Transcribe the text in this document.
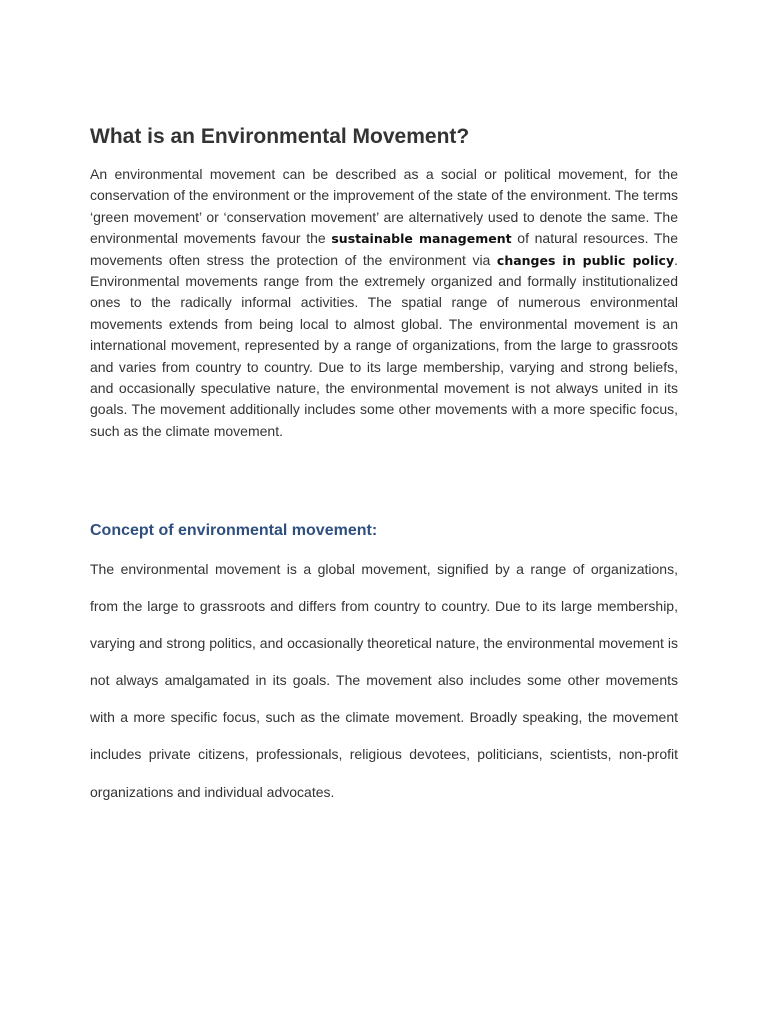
What is an Environmental Movement?

An environmental movement can be described as a social or political movement, for the conservation of the environment or the improvement of the state of the environment. The terms ‘green movement’ or ‘conservation movement’ are alternatively used to denote the same. The environmental movements favour the sustainable management of natural resources. The movements often stress the protection of the environment via changes in public policy. Environmental movements range from the extremely organized and formally institutionalized ones to the radically informal activities. The spatial range of numerous environmental movements extends from being local to almost global. The environmental movement is an international movement, represented by a range of organizations, from the large to grassroots and varies from country to country. Due to its large membership, varying and strong beliefs, and occasionally speculative nature, the environmental movement is not always united in its goals. The movement additionally includes some other movements with a more specific focus, such as the climate movement.

Concept of environmental movement:

The environmental movement is a global movement, signified by a range of organizations, from the large to grassroots and differs from country to country. Due to its large membership, varying and strong politics, and occasionally theoretical nature, the environmental movement is not always amalgamated in its goals. The movement also includes some other movements with a more specific focus, such as the climate movement. Broadly speaking, the movement includes private citizens, professionals, religious devotees, politicians, scientists, non-profit organizations and individual advocates.
